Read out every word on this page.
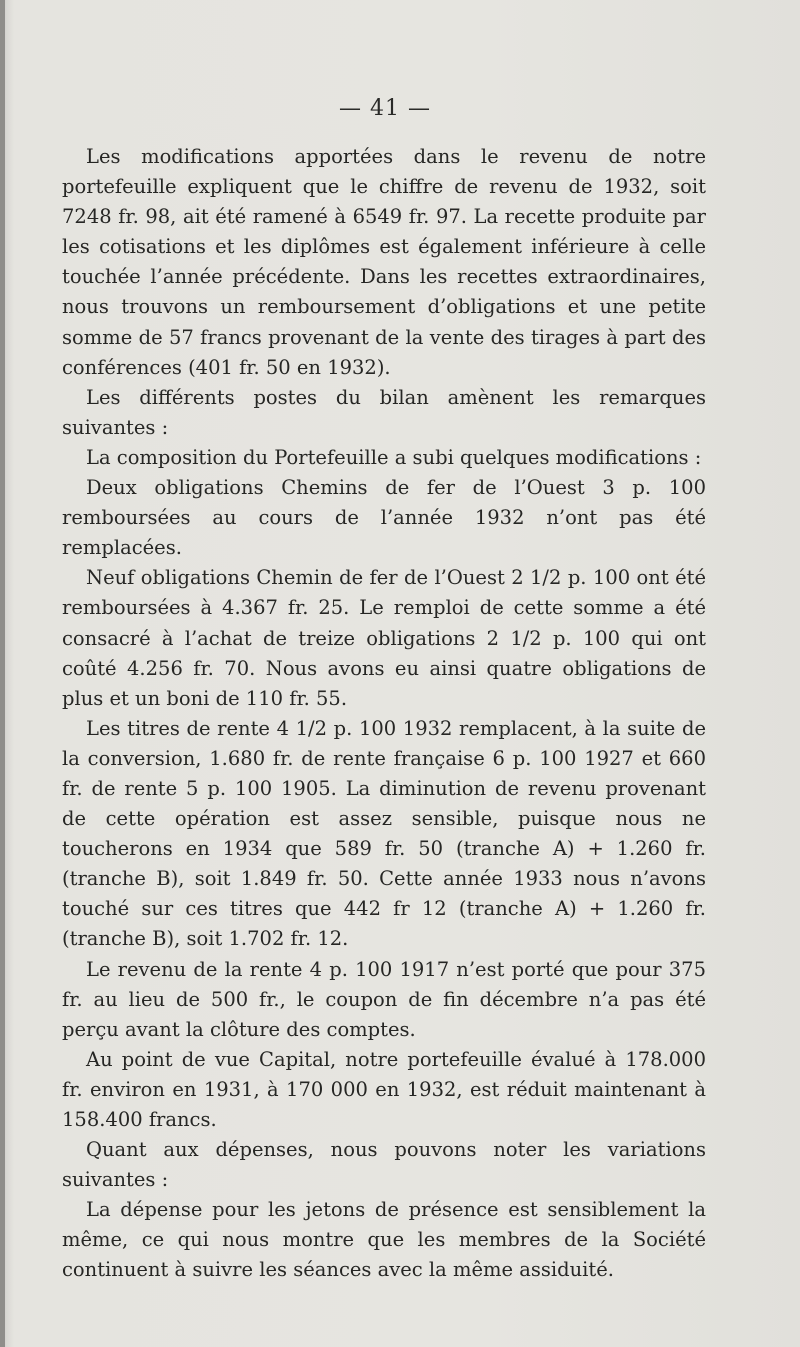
— 41 —

Les modifications apportées dans le revenu de notre portefeuille expliquent que le chiffre de revenu de 1932, soit 7248 fr. 98, ait été ramené à 6549 fr. 97. La recette produite par les cotisations et les diplômes est également inférieure à celle touchée l’année précédente. Dans les recettes extraordinaires, nous trouvons un remboursement d’obligations et une petite somme de 57 francs provenant de la vente des tirages à part des conférences (401 fr. 50 en 1932).

Les différents postes du bilan amènent les remarques suivantes :

La composition du Portefeuille a subi quelques modifications :

Deux obligations Chemins de fer de l’Ouest 3 p. 100 remboursées au cours de l’année 1932 n’ont pas été remplacées.

Neuf obligations Chemin de fer de l’Ouest 2 1/2 p. 100 ont été remboursées à 4.367 fr. 25. Le remploi de cette somme a été consacré à l’achat de treize obligations 2 1/2 p. 100 qui ont coûté 4.256 fr. 70. Nous avons eu ainsi quatre obligations de plus et un boni de 110 fr. 55.

Les titres de rente 4 1/2 p. 100 1932 remplacent, à la suite de la conversion, 1.680 fr. de rente française 6 p. 100 1927 et 660 fr. de rente 5 p. 100 1905. La diminution de revenu provenant de cette opération est assez sensible, puisque nous ne toucherons en 1934 que 589 fr. 50 (tranche A) + 1.260 fr. (tranche B), soit 1.849 fr. 50. Cette année 1933 nous n’avons touché sur ces titres que 442 fr 12 (tranche A) + 1.260 fr. (tranche B), soit 1.702 fr. 12.

Le revenu de la rente 4 p. 100 1917 n’est porté que pour 375 fr. au lieu de 500 fr., le coupon de fin décembre n’a pas été perçu avant la clôture des comptes.

Au point de vue Capital, notre portefeuille évalué à 178.000 fr. environ en 1931, à 170 000 en 1932, est réduit maintenant à 158.400 francs.

Quant aux dépenses, nous pouvons noter les variations suivantes :

La dépense pour les jetons de présence est sensiblement la même, ce qui nous montre que les membres de la Société continuent à suivre les séances avec la même assiduité.
